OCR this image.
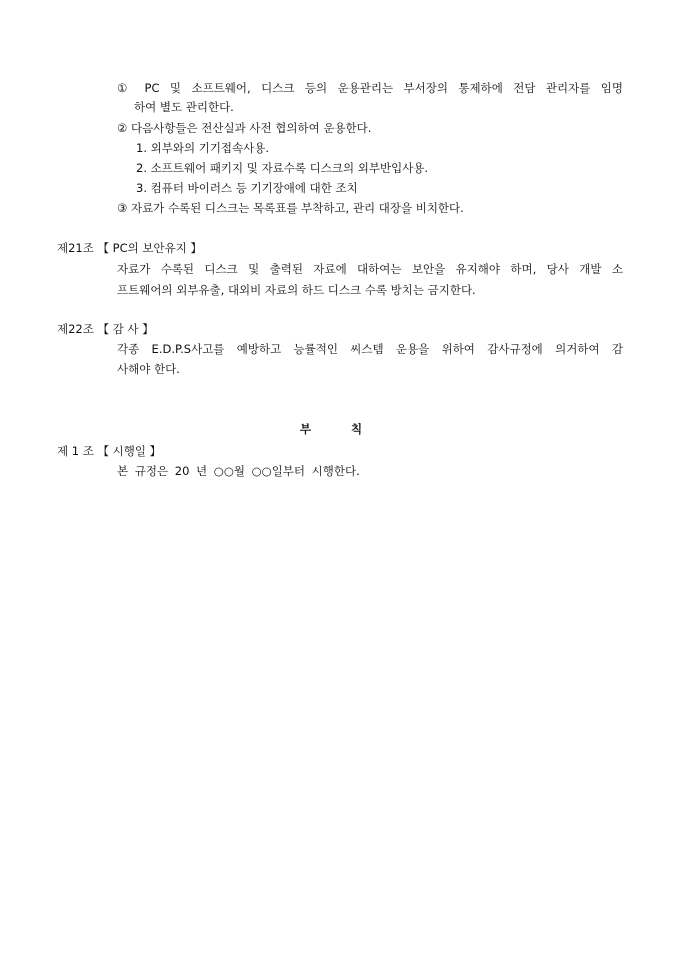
① PC 및 소프트웨어, 디스크 등의 운용관리는 부서장의 통제하에 전담 관리자를 임명
하여 별도 관리한다.
② 다음사항들은 전산실과 사전 협의하여 운용한다.
1. 외부와의 기기접속사용.
2. 소프트웨어 패키지 및 자료수록 디스크의 외부반입사용.
3. 컴퓨터 바이러스 등 기기장애에 대한 조치
③ 자료가 수록된 디스크는 목록표를 부착하고, 관리 대장을 비치한다.
제21조 【 PC의 보안유지 】
자료가 수록된 디스크 및 출력된 자료에 대하여는 보안을 유지해야 하며, 당사 개발 소
프트웨어의 외부유출, 대외비 자료의 하드 디스크 수록 방치는 금지한다.
제22조 【 감 사 】
각종 E.D.P.S사고를 예방하고 능률적인 씨스템 운용을 위하여 감사규정에 의거하여 감
사해야 한다.
부 칙
제 1 조 【 시행일 】
본 규정은 20 년 ○○월 ○○일부터 시행한다.
